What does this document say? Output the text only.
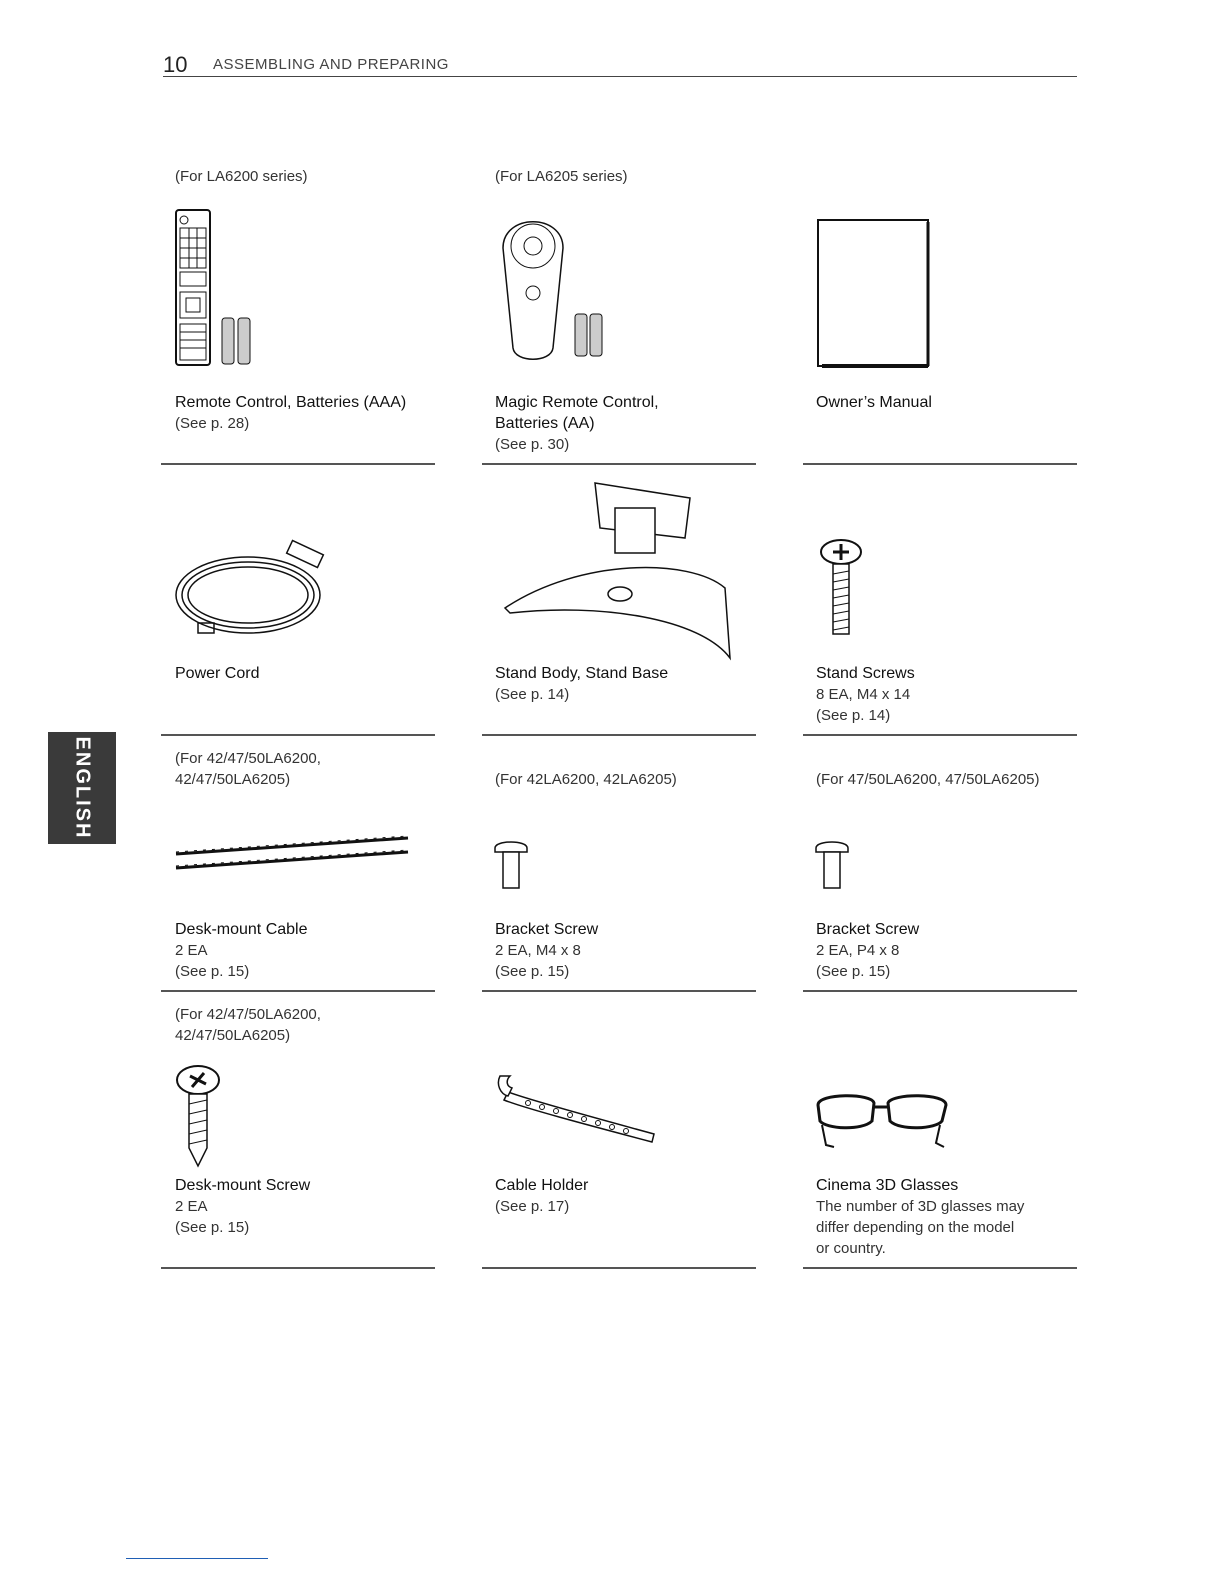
10 ASSEMBLING AND PREPARING
ENGLISH
(For LA6200 series)	(For LA6205 series)
Remote Control, Batteries (AAA)
(See p. 28)
Magic Remote Control,
Batteries (AA)
(See p. 30)
Owner’s Manual
Power Cord	Stand Body, Stand Base
(See p. 14)
Stand Screws
8 EA, M4 x 14
(See p. 14)
(For 42/47/50LA6200,
42/47/50LA6205)	(For 42LA6200, 42LA6205)	(For 47/50LA6200, 47/50LA6205)
Desk-mount Cable
2 EA
(See p. 15)
Bracket Screw
2 EA, M4 x 8
(See p. 15)
Bracket Screw
2 EA, P4 x 8
(See p. 15)
(For 42/47/50LA6200,
42/47/50LA6205)
Desk-mount Screw
2 EA
(See p. 15)
Cable Holder
(See p. 17)
Cinema 3D Glasses
The number of 3D glasses may
differ depending on the model
or country.
